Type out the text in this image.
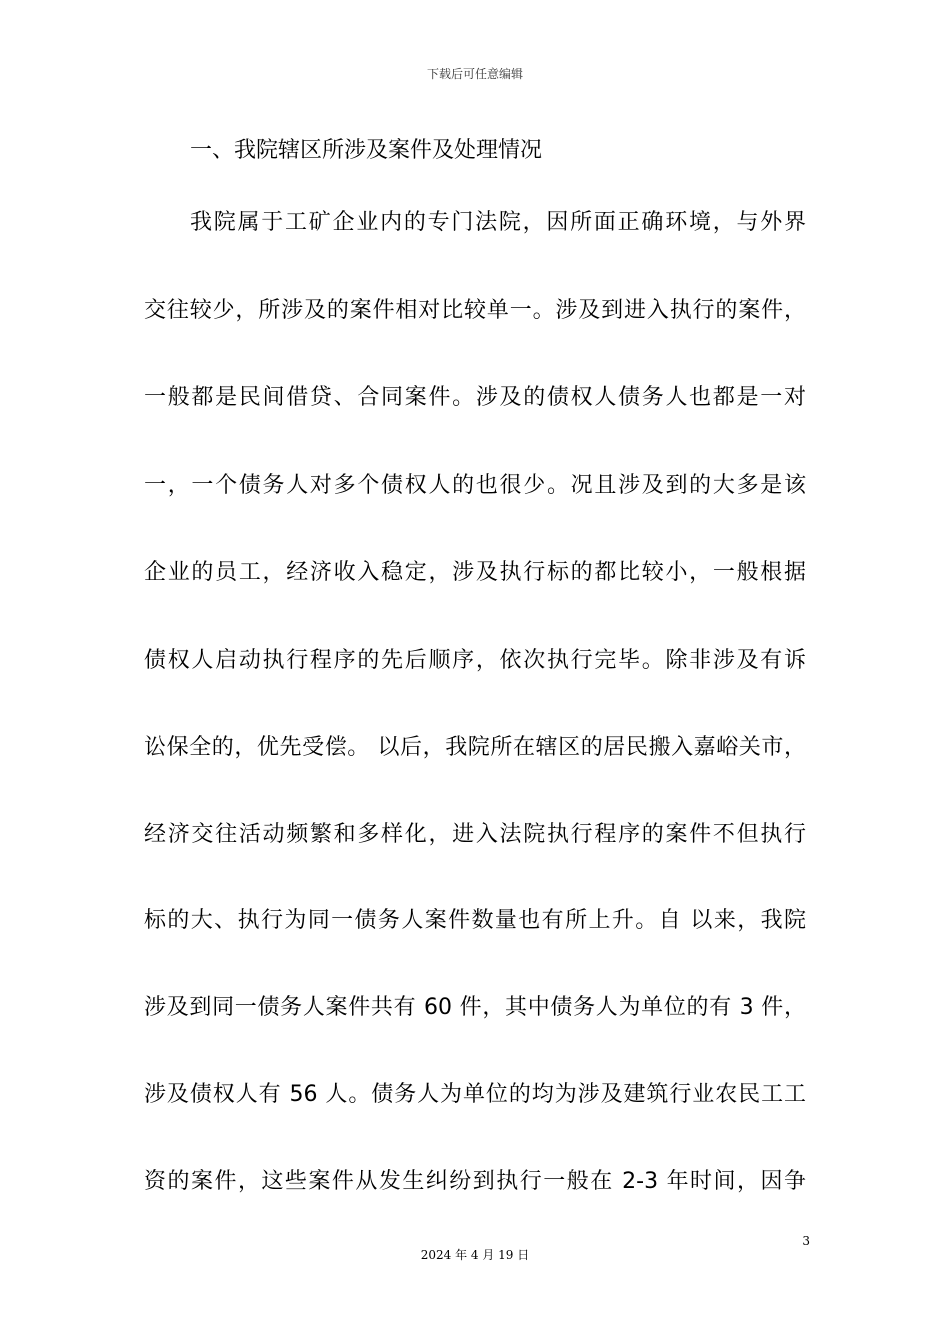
下载后可任意编辑
一、我院辖区所涉及案件及处理情况
我院属于工矿企业内的专门法院，因所面正确环境，与外界
交往较少，所涉及的案件相对比较单一。涉及到进入执行的案件，
一般都是民间借贷、合同案件。涉及的债权人债务人也都是一对
一，一个债务人对多个债权人的也很少。况且涉及到的大多是该
企业的员工，经济收入稳定，涉及执行标的都比较小，一般根据
债权人启动执行程序的先后顺序，依次执行完毕。除非涉及有诉
讼保全的，优先受偿。 以后，我院所在辖区的居民搬入嘉峪关市，
经济交往活动频繁和多样化，进入法院执行程序的案件不但执行
标的大、执行为同一债务人案件数量也有所上升。自 以来，我院
涉及到同一债务人案件共有 60 件，其中债务人为单位的有 3 件，
涉及债权人有 56 人。债务人为单位的均为涉及建筑行业农民工工
资的案件，这些案件从发生纠纷到执行一般在 2-3 年时间，因争
3
2024 年 4 月 19 日
